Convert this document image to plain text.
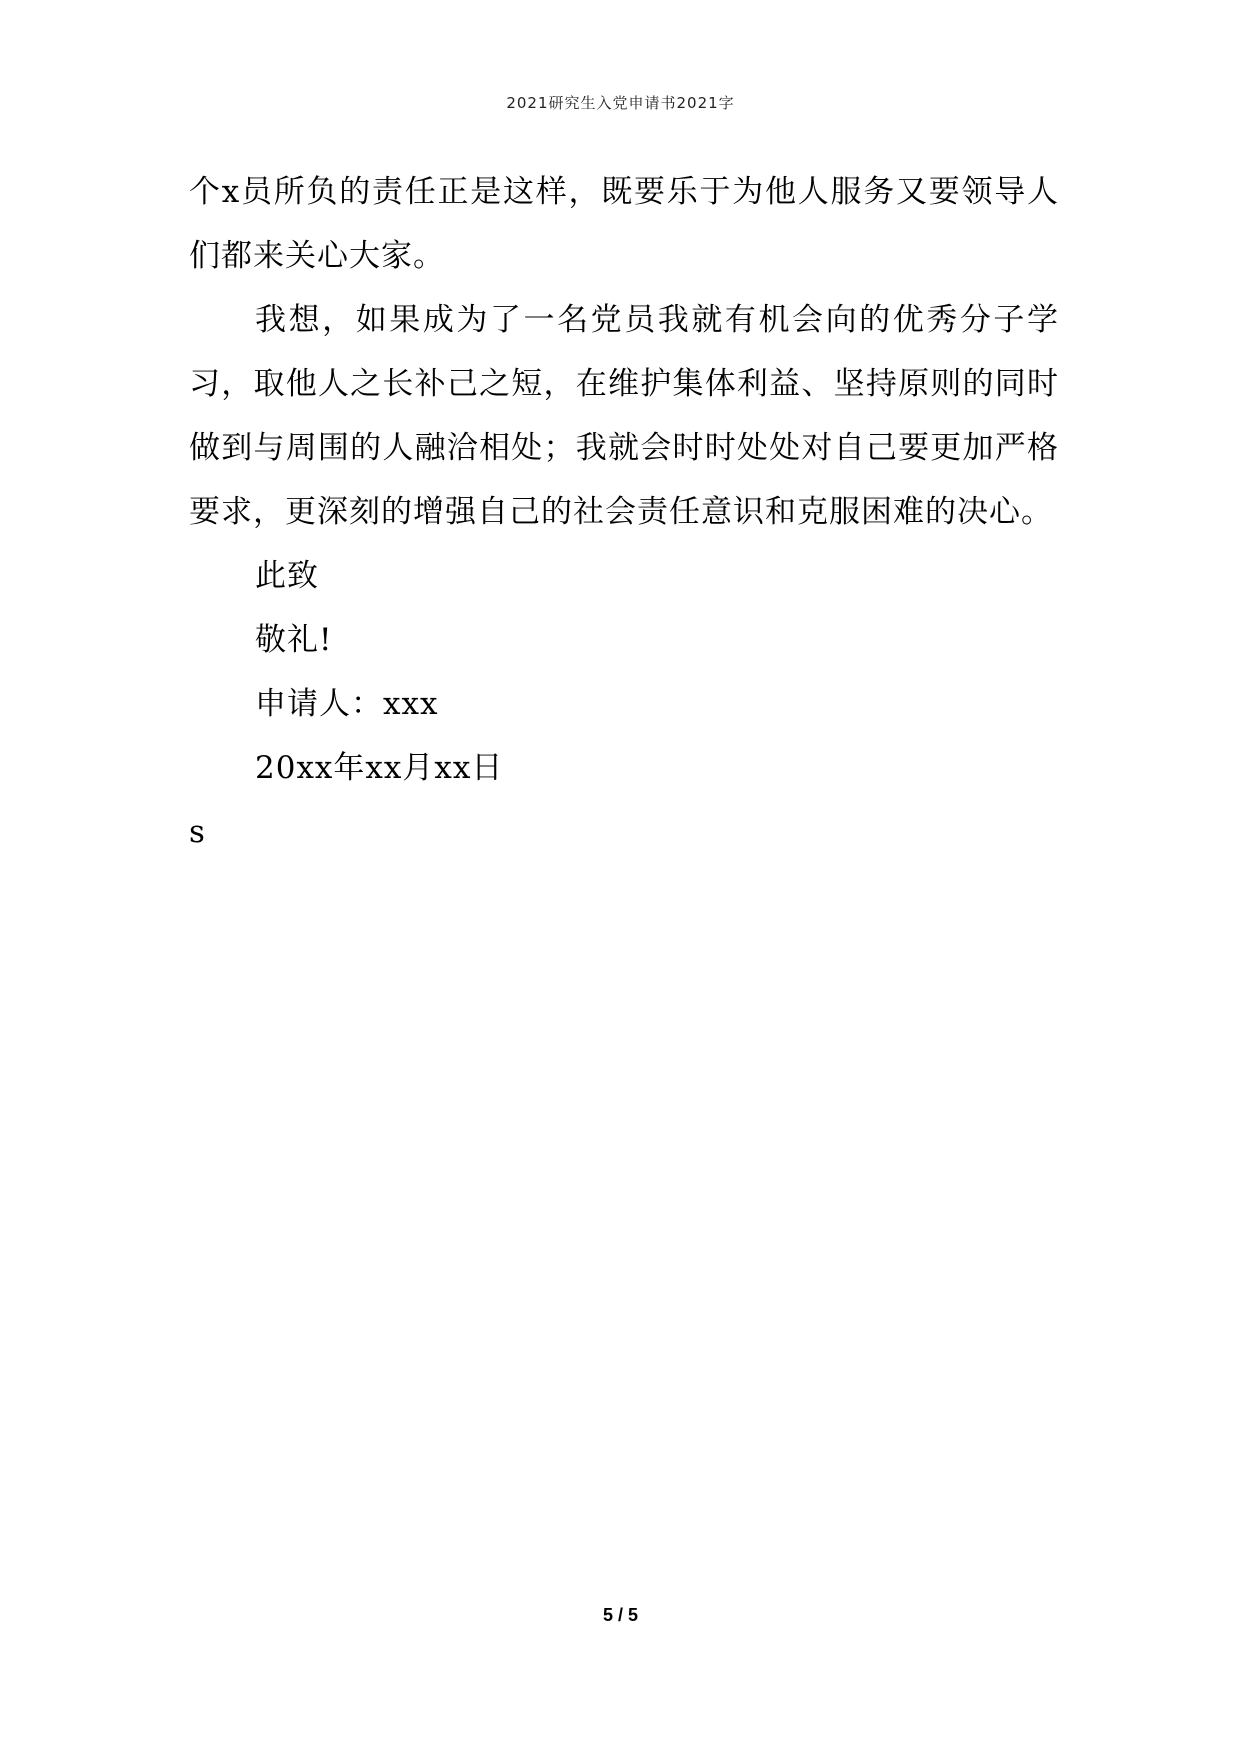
2021研究生入党申请书2021字

个x员所负的责任正是这样，既要乐于为他人服务又要领导人们都来关心大家。

我想，如果成为了一名党员我就有机会向的优秀分子学习，取他人之长补己之短，在维护集体利益、坚持原则的同时做到与周围的人融洽相处；我就会时时处处对自己要更加严格要求，更深刻的增强自己的社会责任意识和克服困难的决心。

此致

敬礼!

申请人：xxx

20xx年xx月xx日

s

5 / 5
